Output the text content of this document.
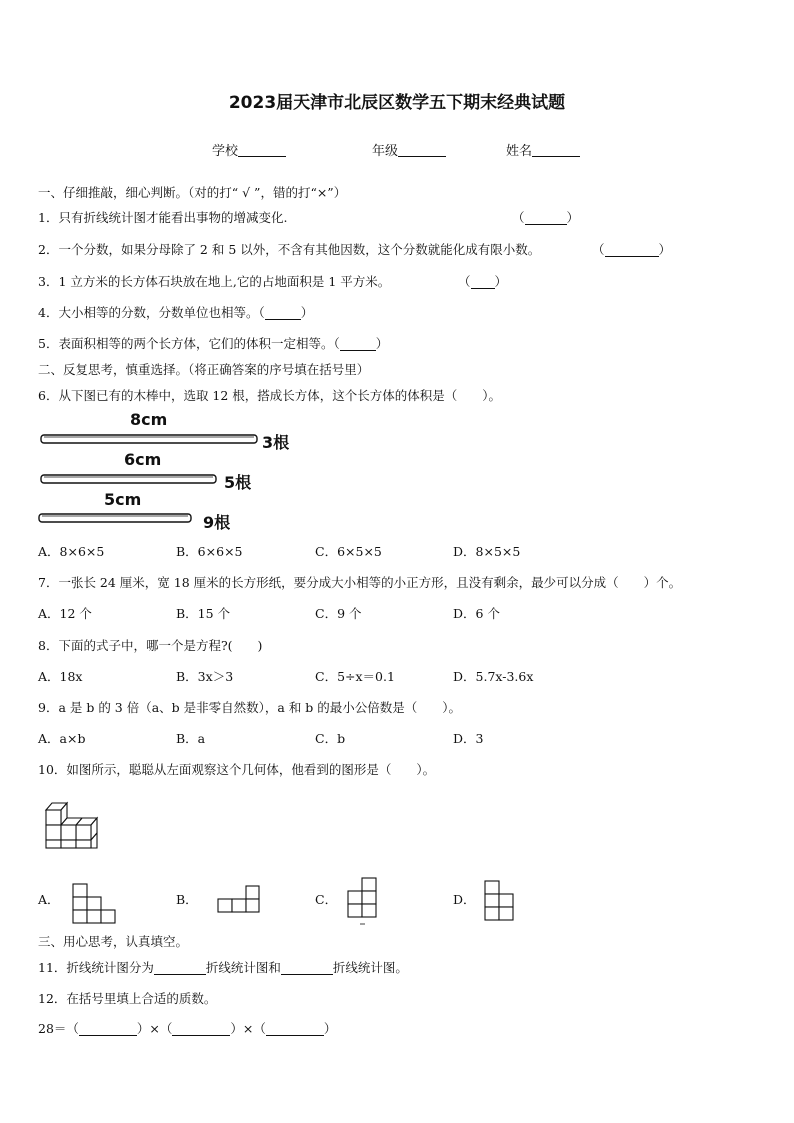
2023届天津市北辰区数学五下期末经典试题
学校	年级	姓名
一、仔细推敲，细心判断。（对的打“ √ ”，错的打“×”）
1．只有折线统计图才能看出事物的增减变化.	（	）
2．一个分数，如果分母除了 2 和 5 以外，不含有其他因数，这个分数就能化成有限小数。	（	）
3．1 立方米的长方体石块放在地上,它的占地面积是 1 平方米。	（ ）
4．大小相等的分数，分数单位也相等。（	）
5．表面积相等的两个长方体，它们的体积一定相等。（	）
二、反复思考，慎重选择。（将正确答案的序号填在括号里）
6．从下图已有的木棒中，选取 12 根，搭成长方体，这个长方体的体积是（　　）。
8cm
3根
6cm
5根
5cm
9根
A．8×6×5	B．6×6×5	C．6×5×5	D．8×5×5
7．一张长 24 厘米，宽 18 厘米的长方形纸，要分成大小相等的小正方形，且没有剩余，最少可以分成（　　）个。
A．12 个	B．15 个	C．9 个	D．6 个
8．下面的式子中，哪一个是方程?(　　)
A．18x	B．3x＞3	C．5÷x＝0.1	D．5.7x-3.6x
9．a 是 b 的 3 倍（a、b 是非零自然数），a 和 b 的最小公倍数是（　　）。
A．a×b	B．a	C．b	D．3
10．如图所示，聪聪从左面观察这个几何体，他看到的图形是（　　）。
A．	B．	C．	D．
三、用心思考，认真填空。
11．折线统计图分为	折线统计图和	折线统计图。
12．在括号里填上合适的质数。
28＝（	）×（	）×（	）
